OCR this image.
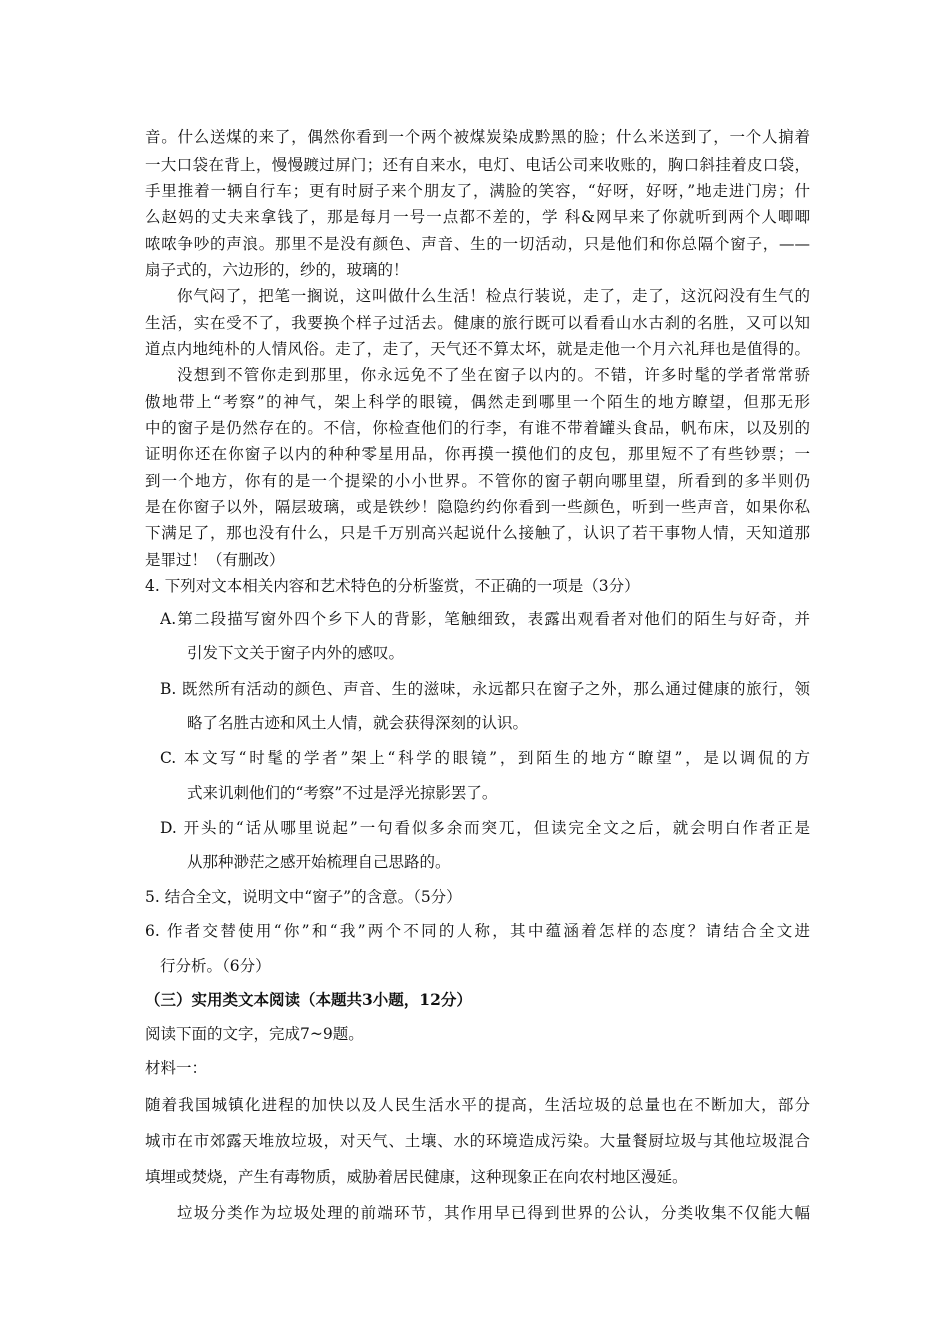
音。什么送煤的来了，偶然你看到一个两个被煤炭染成黔黑的脸；什么米送到了，一个人掮着
一大口袋在背上，慢慢踱过屏门；还有自来水，电灯、电话公司来收账的，胸口斜挂着皮口袋，
手里推着一辆自行车；更有时厨子来个朋友了，满脸的笑容，“好呀，好呀，”地走进门房；什
么赵妈的丈夫来拿钱了，那是每月一号一点都不差的，学 科&网早来了你就听到两个人唧唧
哝哝争吵的声浪。那里不是没有颜色、声音、生的一切活动，只是他们和你总隔个窗子，——
扇子式的，六边形的，纱的，玻璃的！
你气闷了，把笔一搁说，这叫做什么生活！检点行装说，走了，走了，这沉闷没有生气的
生活，实在受不了，我要换个样子过活去。健康的旅行既可以看看山水古刹的名胜，又可以知
道点内地纯朴的人情风俗。走了，走了，天气还不算太坏，就是走他一个月六礼拜也是值得的。
没想到不管你走到那里，你永远免不了坐在窗子以内的。不错，许多时髦的学者常常骄
傲地带上“考察”的神气，架上科学的眼镜，偶然走到哪里一个陌生的地方瞭望，但那无形
中的窗子是仍然存在的。不信，你检查他们的行李，有谁不带着罐头食品，帆布床，以及别的
证明你还在你窗子以内的种种零星用品，你再摸一摸他们的皮包，那里短不了有些钞票；一
到一个地方，你有的是一个提梁的小小世界。不管你的窗子朝向哪里望，所看到的多半则仍
是在你窗子以外，隔层玻璃，或是铁纱！隐隐约约你看到一些颜色，听到一些声音，如果你私
下满足了，那也没有什么，只是千万别高兴起说什么接触了，认识了若干事物人情，天知道那
是罪过！（有删改）
4. 下列对文本相关内容和艺术特色的分析鉴赏，不正确的一项是（3分）
A.第二段描写窗外四个乡下人的背影，笔触细致，表露出观看者对他们的陌生与好奇，并
引发下文关于窗子内外的感叹。
B. 既然所有活动的颜色、声音、生的滋味，永远都只在窗子之外，那么通过健康的旅行，领
略了名胜古迹和风土人情，就会获得深刻的认识。
C. 本文写“时髦的学者”架上“科学的眼镜”，到陌生的地方“瞭望”，是以调侃的方
式来讥刺他们的“考察”不过是浮光掠影罢了。
D. 开头的“话从哪里说起”一句看似多余而突兀，但读完全文之后，就会明白作者正是
从那种渺茫之感开始梳理自己思路的。
5. 结合全文，说明文中“窗子”的含意。（5分）
6. 作者交替使用“你”和“我”两个不同的人称，其中蕴涵着怎样的态度？请结合全文进
行分析。（6分）
（三）实用类文本阅读（本题共3小题，12分）
阅读下面的文字，完成7~9题。
材料一：
随着我国城镇化进程的加快以及人民生活水平的提高，生活垃圾的总量也在不断加大，部分
城市在市郊露天堆放垃圾，对天气、土壤、水的环境造成污染。大量餐厨垃圾与其他垃圾混合
填埋或焚烧，产生有毒物质，威胁着居民健康，这种现象正在向农村地区漫延。
垃圾分类作为垃圾处理的前端环节，其作用早已得到世界的公认，分类收集不仅能大幅
